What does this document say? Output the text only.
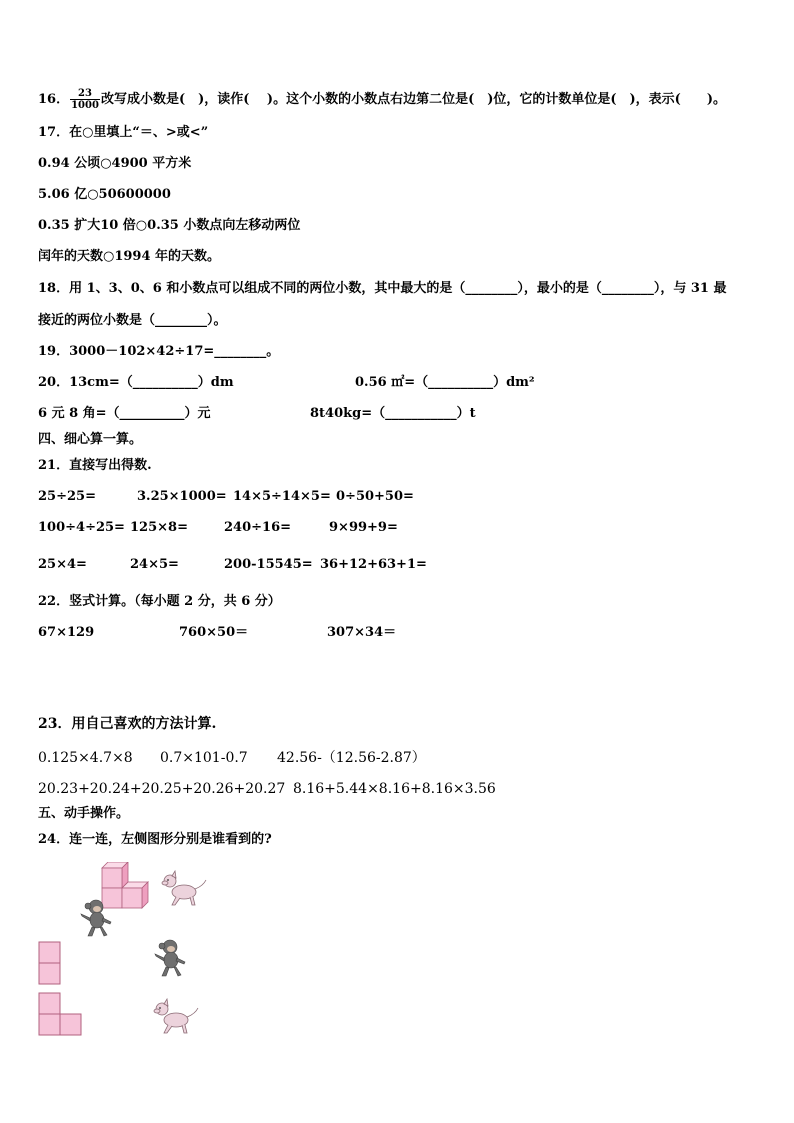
16． $\frac{23}{1000}$ 改写成小数是(　)，读作(　 )。这个小数的小数点右边第二位是(　)位，它的计数单位是(　)，表示(　　)。
17．在○里填上“＝、>或<”
0.94 公顷○4900 平方米
5.06 亿○50600000
0.35 扩大10 倍○0.35 小数点向左移动两位
闰年的天数○1994 年的天数。
18．用 1、3、0、6 和小数点可以组成不同的两位小数，其中最大的是（________），最小的是（________），与 31 最
接近的两位小数是（________）。
19．3000－102×42÷17=________。
20．13cm=（__________）dm	0.56 ㎡=（__________）dm²
6 元 8 角=（__________）元	8t40kg=（___________）t
四、细心算一算。
21．直接写出得数.
25÷25=	3.25×1000= 14×5÷14×5= 0÷50+50=
100÷4÷25= 125×8=	240÷16=	9×99+9=
25×4=	24×5=	200-15545= 36+12+63+1=
22．竖式计算。（每小题 2 分，共 6 分）
67×129	760×50＝	307×34＝
23．用自己喜欢的方法计算.
0.125×4.7×8 0.7×101-0.7 42.56-（12.56-2.87）
20.23+20.24+20.25+20.26+20.27 8.16+5.44×8.16+8.16×3.56
五、动手操作。
24．连一连，左侧图形分别是谁看到的?
